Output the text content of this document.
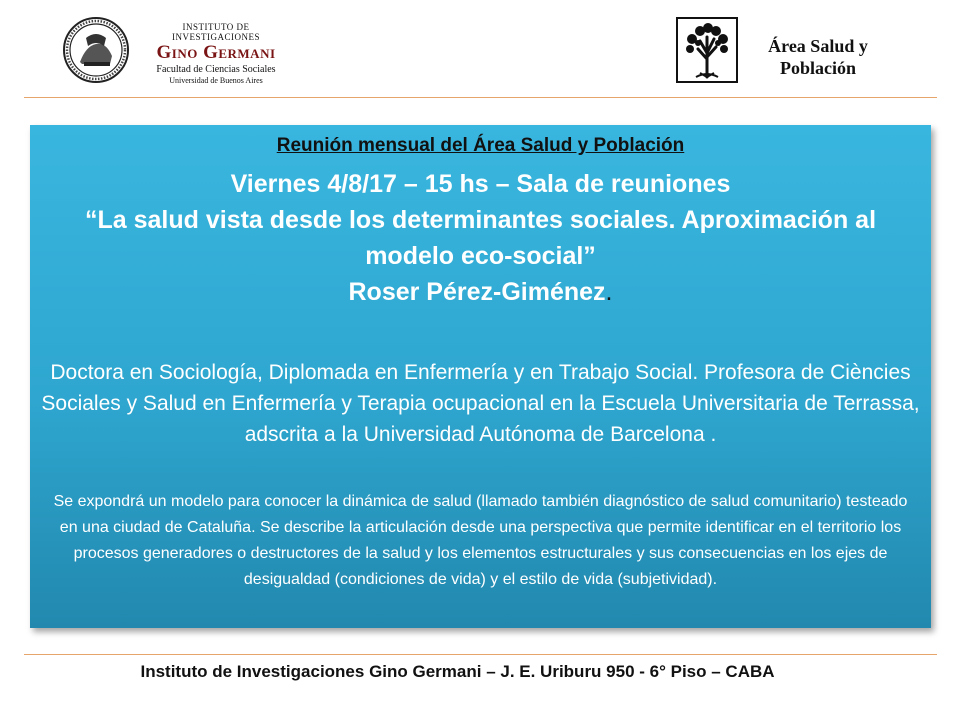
INSTITUTO DE INVESTIGACIONES
Gino Germani
Facultad de Ciencias Sociales
Universidad de Buenos Aires
Área Salud y
Población
Reunión mensual del Área Salud y Población
Viernes 4/8/17 – 15 hs – Sala de reuniones
“La salud vista desde los determinantes sociales. Aproximación al modelo eco-social”
Roser Pérez-Giménez.
Doctora en Sociología, Diplomada en Enfermería y en Trabajo Social. Profesora de Ciències Sociales y Salud en Enfermería y Terapia ocupacional en la Escuela Universitaria de Terrassa, adscrita a la Universidad Autónoma de Barcelona .
Se expondrá un modelo para conocer la dinámica de salud (llamado también diagnóstico de salud comunitario) testeado en una ciudad de Cataluña. Se describe la articulación desde una perspectiva que permite identificar en el territorio los procesos generadores o destructores de la salud y los elementos estructurales y sus consecuencias en los ejes de desigualdad (condiciones de vida) y el estilo de vida (subjetividad).
Instituto de Investigaciones Gino Germani – J. E. Uriburu 950 - 6° Piso – CABA
